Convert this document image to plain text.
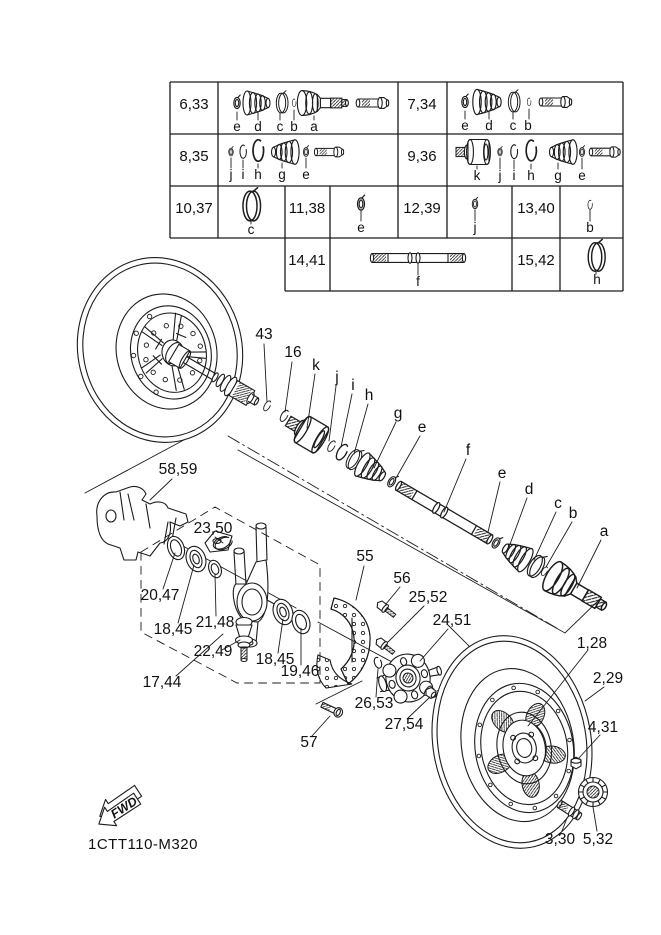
6,33
e d c b a
7,34
e d c b
8,35
j i h g e
9,36
k j i h g e
10,37
c
11,38
e
12,39
j
13,40
b
14,41
f
15,42
h
43
16
k
j i
h
g
e
f
e
d
c
b
a
58,59
23,50
20,47
18,45 21,48
22,49
17,44
18,45
19,46
55
56
25,52
24,51
26,53
27,54
57
1,28
2,29
4,31
3,30 5,32
FWD
1CTT110-M320
